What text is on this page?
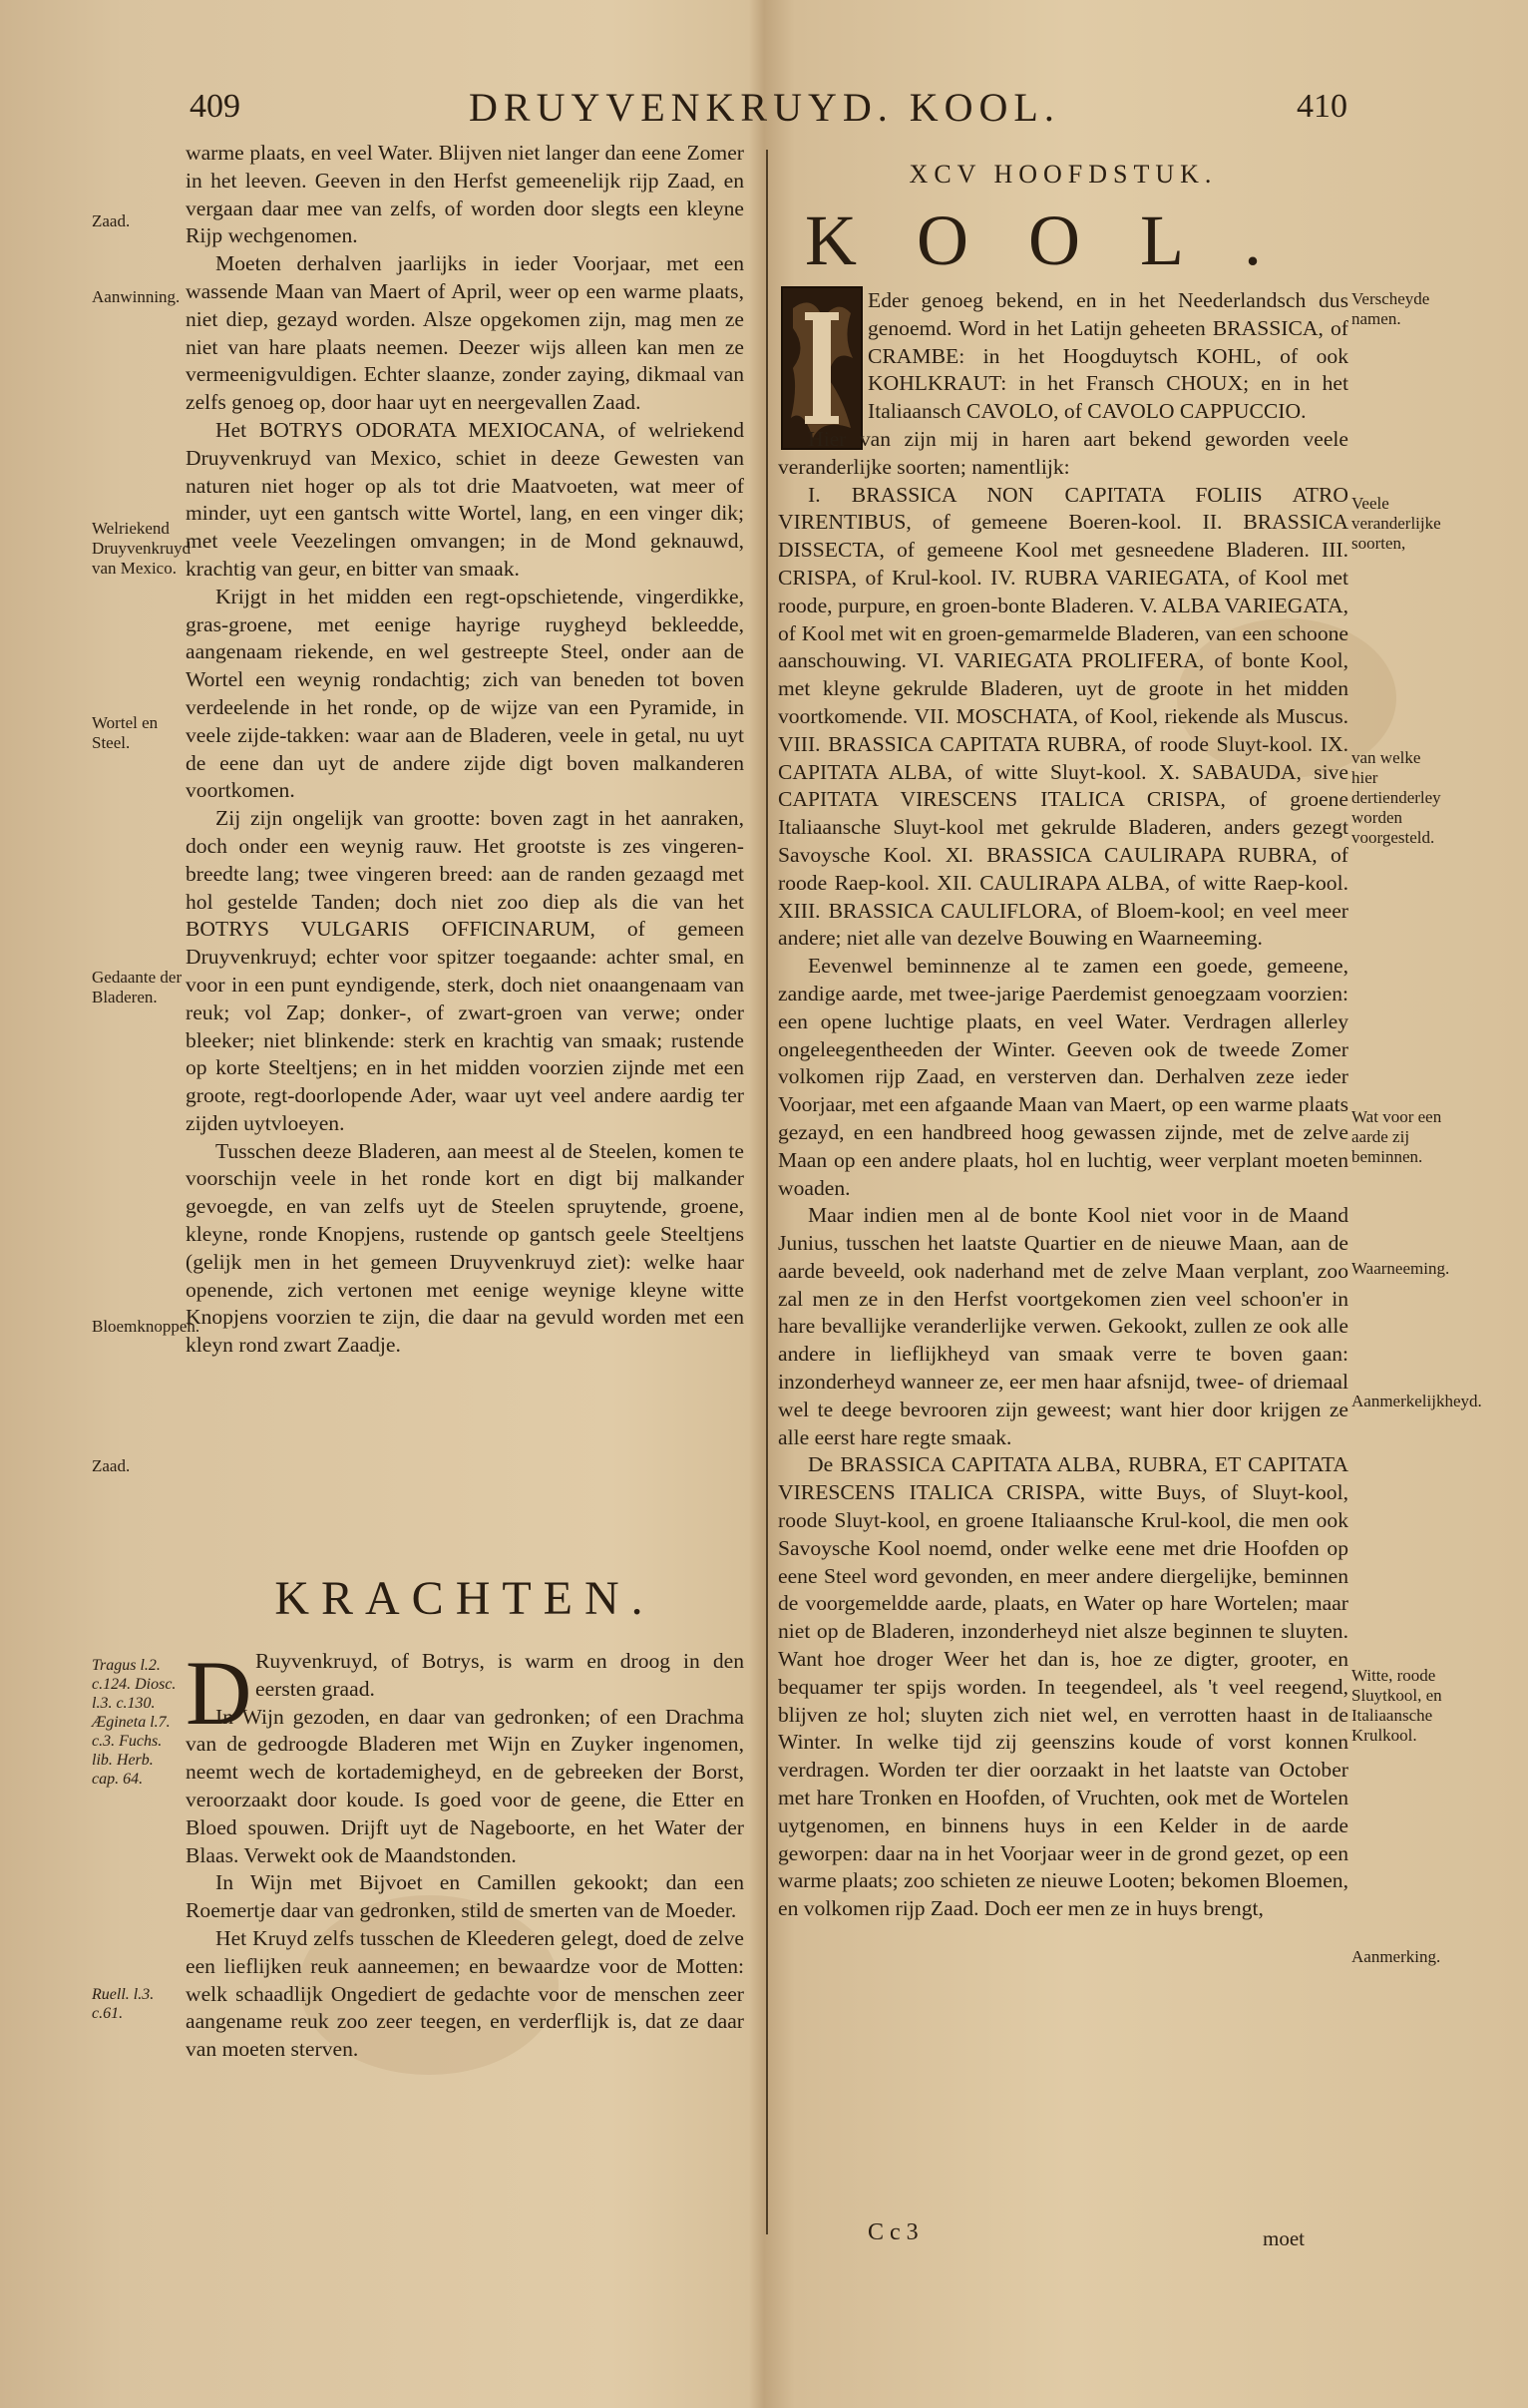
409	DRUYVENKRUYD. KOOL.	410

warme plaats, en veel Water. Blijven niet langer dan eene Zomer in het leeven. Geeven in den Herfst gemeenelijk rijp Zaad, en vergaan daar mee van zelfs, of worden door slegts een kleyne Rijp wechgenomen.

Moeten derhalven jaarlijks in ieder Voorjaar, met een wassende Maan van Maert of April, weer op een warme plaats, niet diep, gezayd worden. Alsze opgekomen zijn, mag men ze niet van hare plaats neemen. Deezer wijs alleen kan men ze vermeenigvuldigen. Echter slaanze, zonder zaying, dikmaal van zelfs genoeg op, door haar uyt en neergevallen Zaad.

Het BOTRYS ODORATA MEXIOCANA, of welriekend Druyvenkruyd van Mexico, schiet in deeze Gewesten van naturen niet hoger op als tot drie Maatvoeten, wat meer of minder, uyt een gantsch witte Wortel, lang, en een vinger dik; met veele Veezelingen omvangen; in de Mond geknauwd, krachtig van geur, en bitter van smaak.

Krijgt in het midden een regt-opschietende, vingerdikke, gras-groene, met eenige hayrige ruygheyd bekleedde, aangenaam riekende, en wel gestreepte Steel, onder aan de Wortel een weynig rondachtig; zich van beneden tot boven verdeelende in het ronde, op de wijze van een Pyramide, in veele zijde-takken: waar aan de Bladeren, veele in getal, nu uyt de eene dan uyt de andere zijde digt boven malkanderen voortkomen.

Zij zijn ongelijk van grootte: boven zagt in het aanraken, doch onder een weynig rauw. Het grootste is zes vingeren-breedte lang; twee vingeren breed: aan de randen gezaagd met hol gestelde Tanden; doch niet zoo diep als die van het BOTRYS VULGARIS OFFICINARUM, of gemeen Druyvenkruyd; echter voor spitzer toegaande: achter smal, en voor in een punt eyndigende, sterk, doch niet onaangenaam van reuk; vol Zap; donker-, of zwart-groen van verwe; onder bleeker; niet blinkende: sterk en krachtig van smaak; rustende op korte Steeltjens; en in het midden voorzien zijnde met een groote, regt-doorlopende Ader, waar uyt veel andere aardig ter zijden uytvloeyen.

Tusschen deeze Bladeren, aan meest al de Steelen, komen te voorschijn veele in het ronde kort en digt bij malkander gevoegde, en van zelfs uyt de Steelen spruytende, groene, kleyne, ronde Knopjens, rustende op gantsch geele Steeltjens (gelijk men in het gemeen Druyvenkruyd ziet): welke haar openende, zich vertonen met eenige weynige kleyne witte Knopjens voorzien te zijn, die daar na gevuld worden met een kleyn rond zwart Zaadje.

KRACHTEN.
D Ruyvenkruyd, of Botrys, is warm en droog in den eersten graad.

In Wijn gezoden, en daar van gedronken; of een Drachma van de gedroogde Bladeren met Wijn en Zuyker ingenomen, neemt wech de kortademigheyd, en de gebreeken der Borst, veroorzaakt door koude. Is goed voor de geene, die Etter en Bloed spouwen. Drijft uyt de Nageboorte, en het Water der Blaas. Verwekt ook de Maandstonden.

In Wijn met Bijvoet en Camillen gekookt; dan een Roemertje daar van gedronken, stild de smerten van de Moeder.

Het Kruyd zelfs tusschen de Kleederen gelegt, doed de zelve een lieflijken reuk aanneemen; en bewaardze voor de Motten: welk schaadlijk Ongediert de gedachte voor de menschen zeer aangename reuk zoo zeer teegen, en verderflijk is, dat ze daar van moeten sterven.

Zaad.
Aanwinning.
Welriekend Druyvenkruyd van Mexico.
Wortel en Steel.
Gedaante der Bladeren.
Bloemknoppen.
Zaad.
Tragus l.2. c.124. Diosc. l.3. c.130. Ægineta l.7. c.3. Fuchs. lib. Herb. cap. 64.
Ruell. l.3. c.61.
XCV HOOFDSTUK.
KOOL.

Eder genoeg bekend, en in het Neederlandsch dus genoemd. Word in het Latijn geheeten BRASSICA, of CRAMBE: in het Hoogduytsch KOHL, of ook KOHLKRAUT: in het Fransch CHOUX; en in het Italiaansch CAVOLO, of CAVOLO CAPPUCCIO.

Hier van zijn mij in haren aart bekend geworden veele veranderlijke soorten; namentlijk:

I. BRASSICA NON CAPITATA FOLIIS ATRO VIRENTIBUS, of gemeene Boeren-kool. II. BRASSICA DISSECTA, of gemeene Kool met gesneedene Bladeren. III. CRISPA, of Krul-kool. IV. RUBRA VARIEGATA, of Kool met roode, purpure, en groen-bonte Bladeren. V. ALBA VARIEGATA, of Kool met wit en groen-gemarmelde Bladeren, van een schoone aanschouwing. VI. VARIEGATA PROLIFERA, of bonte Kool, met kleyne gekrulde Bladeren, uyt de groote in het midden voortkomende. VII. MOSCHATA, of Kool, riekende als Muscus. VIII. BRASSICA CAPITATA RUBRA, of roode Sluyt-kool. IX. CAPITATA ALBA, of witte Sluyt-kool. X. SABAUDA, sive CAPITATA VIRESCENS ITALICA CRISPA, of groene Italiaansche Sluyt-kool met gekrulde Bladeren, anders gezegt Savoysche Kool. XI. BRASSICA CAULIRAPA RUBRA, of roode Raep-kool. XII. CAULIRAPA ALBA, of witte Raep-kool. XIII. BRASSICA CAULIFLORA, of Bloem-kool; en veel meer andere; niet alle van dezelve Bouwing en Waarneeming.

Eevenwel beminnenze al te zamen een goede, gemeene, zandige aarde, met twee-jarige Paerdemist genoegzaam voorzien: een opene luchtige plaats, en veel Water. Verdragen allerley ongeleegentheeden der Winter. Geeven ook de tweede Zomer volkomen rijp Zaad, en versterven dan. Derhalven zeze ieder Voorjaar, met een afgaande Maan van Maert, op een warme plaats gezayd, en een handbreed hoog gewassen zijnde, met de zelve Maan op een andere plaats, hol en luchtig, weer verplant moeten woaden.

Maar indien men al de bonte Kool niet voor in de Maand Junius, tusschen het laatste Quartier en de nieuwe Maan, aan de aarde beveeld, ook naderhand met de zelve Maan verplant, zoo zal men ze in den Herfst voortgekomen zien veel schoon'er in hare bevallijke veranderlijke verwen. Gekookt, zullen ze ook alle andere in lieflijkheyd van smaak verre te boven gaan: inzonderheyd wanneer ze, eer men haar afsnijd, twee- of driemaal wel te deege bevrooren zijn geweest; want hier door krijgen ze alle eerst hare regte smaak.

De BRASSICA CAPITATA ALBA, RUBRA, ET CAPITATA VIRESCENS ITALICA CRISPA, witte Buys, of Sluyt-kool, roode Sluyt-kool, en groene Italiaansche Krul-kool, die men ook Savoysche Kool noemd, onder welke eene met drie Hoofden op eene Steel word gevonden, en meer andere diergelijke, beminnen de voorgemeldde aarde, plaats, en Water op hare Wortelen; maar niet op de Bladeren, inzonderheyd niet alsze beginnen te sluyten. Want hoe droger Weer het dan is, hoe ze digter, grooter, en bequamer ter spijs worden. In teegendeel, als 't veel reegend, blijven ze hol; sluyten zich niet wel, en verrotten haast in de Winter. In welke tijd zij geenszins koude of vorst konnen verdragen. Worden ter dier oorzaakt in het laatste van October met hare Tronken en Hoofden, of Vruchten, ook met de Wortelen uytgenomen, en binnens huys in een Kelder in de aarde geworpen: daar na in het Voorjaar weer in de grond gezet, op een warme plaats; zoo schieten ze nieuwe Looten; bekomen Bloemen, en volkomen rijp Zaad. Doch eer men ze in huys brengt,

Verscheyde namen.
Veele veranderlijke soorten,
van welke hier dertienderley worden voorgesteld.
Wat voor een aarde zij beminnen.
Waarneeming.
Aanmerkelijkheyd.
Witte, roode Sluytkool, en Italiaansche Krulkool.
Aanmerking.
C c 3	moet
